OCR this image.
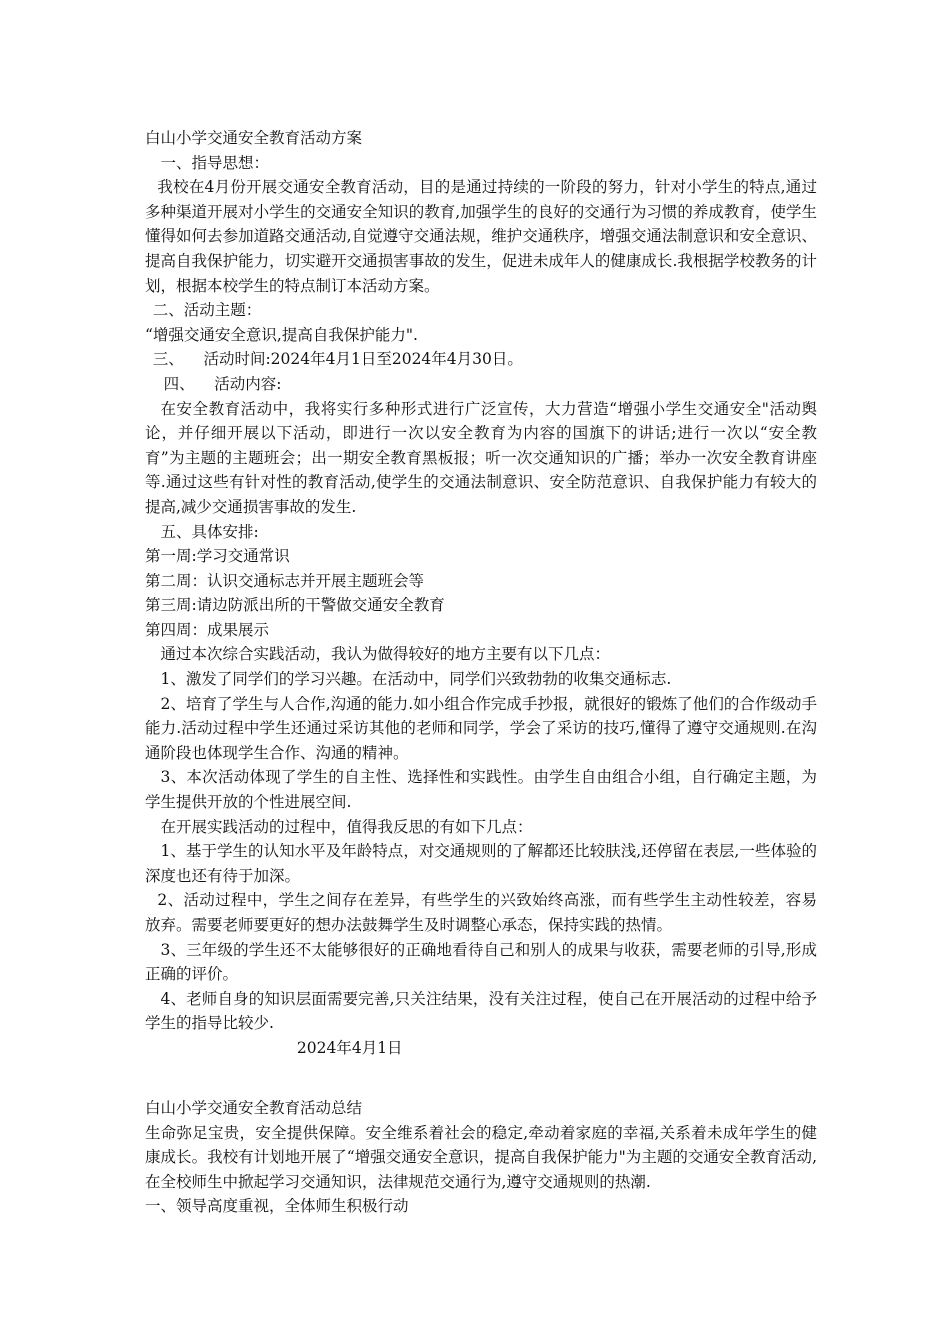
白山小学交通安全教育活动方案

一、指导思想：

我校在4月份开展交通安全教育活动，目的是通过持续的一阶段的努力，针对小学生的特点,通过多种渠道开展对小学生的交通安全知识的教育,加强学生的良好的交通行为习惯的养成教育，使学生懂得如何去参加道路交通活动,自觉遵守交通法规，维护交通秩序，增强交通法制意识和安全意识、提高自我保护能力，切实避开交通损害事故的发生，促进未成年人的健康成长.我根据学校教务的计划，根据本校学生的特点制订本活动方案。

二、活动主题：

“增强交通安全意识,提高自我保护能力".

三、    活动时间:2024年4月1日至2024年4月30日。

四、    活动内容:

在安全教育活动中，我将实行多种形式进行广泛宣传，大力营造“增强小学生交通安全"活动舆论，并仔细开展以下活动，即进行一次以安全教育为内容的国旗下的讲话;进行一次以“安全教育”为主题的主题班会；出一期安全教育黑板报；听一次交通知识的广播；举办一次安全教育讲座等.通过这些有针对性的教育活动,使学生的交通法制意识、安全防范意识、自我保护能力有较大的提高,减少交通损害事故的发生.

五、具体安排:

第一周:学习交通常识

第二周：认识交通标志并开展主题班会等

第三周:请边防派出所的干警做交通安全教育

第四周：成果展示

通过本次综合实践活动，我认为做得较好的地方主要有以下几点：

1、激发了同学们的学习兴趣。在活动中，同学们兴致勃勃的收集交通标志.

2、培育了学生与人合作,沟通的能力.如小组合作完成手抄报，就很好的锻炼了他们的合作级动手能力.活动过程中学生还通过采访其他的老师和同学，学会了采访的技巧,懂得了遵守交通规则.在沟通阶段也体现学生合作、沟通的精神。

3、本次活动体现了学生的自主性、选择性和实践性。由学生自由组合小组，自行确定主题，为学生提供开放的个性进展空间.

在开展实践活动的过程中，值得我反思的有如下几点：

1、基于学生的认知水平及年龄特点，对交通规则的了解都还比较肤浅,还停留在表层,一些体验的深度也还有待于加深。

2、活动过程中，学生之间存在差异，有些学生的兴致始终高涨，而有些学生主动性较差，容易放弃。需要老师要更好的想办法鼓舞学生及时调整心承态，保持实践的热情。

3、三年级的学生还不太能够很好的正确地看待自己和别人的成果与收获，需要老师的引导,形成正确的评价。

4、老师自身的知识层面需要完善,只关注结果，没有关注过程，使自己在开展活动的过程中给予学生的指导比较少.

2024年4月1日

白山小学交通安全教育活动总结

生命弥足宝贵，安全提供保障。安全维系着社会的稳定,牵动着家庭的幸福,关系着未成年学生的健康成长。我校有计划地开展了“增强交通安全意识，提高自我保护能力"为主题的交通安全教育活动,在全校师生中掀起学习交通知识，法律规范交通行为,遵守交通规则的热潮.

一、领导高度重视，全体师生积极行动
